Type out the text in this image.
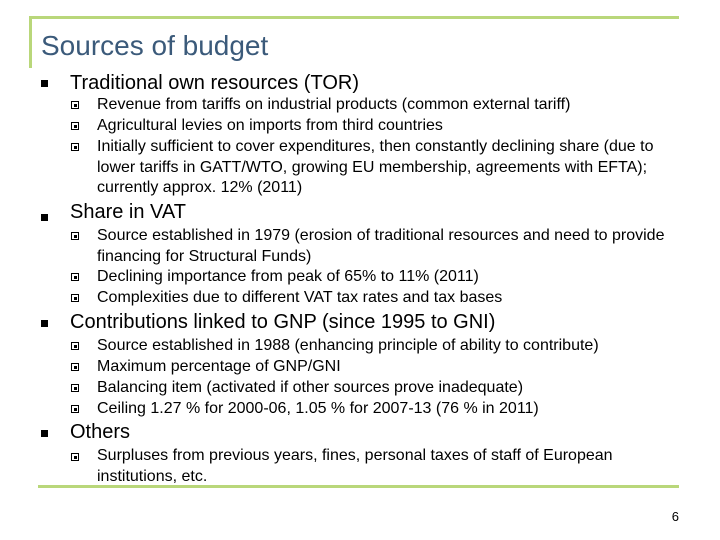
Sources of budget
Traditional own resources (TOR)
Revenue from tariffs on industrial products (common external tariff)
Agricultural levies on imports from third countries
Initially sufficient to cover expenditures, then constantly declining share (due to lower tariffs in GATT/WTO, growing EU membership, agreements with EFTA); currently approx. 12% (2011)
Share in VAT
Source established in 1979 (erosion of traditional resources and need to provide financing for Structural Funds)
Declining importance from peak of 65% to 11% (2011)
Complexities due to different VAT tax rates and tax bases
Contributions linked to GNP (since 1995 to GNI)
Source established in 1988 (enhancing principle of ability to contribute)
Maximum percentage of GNP/GNI
Balancing item (activated if other sources prove inadequate)
Ceiling 1.27 % for 2000-06, 1.05 % for 2007-13 (76 % in 2011)
Others
Surpluses from previous years, fines, personal taxes of staff of European institutions, etc.
6
